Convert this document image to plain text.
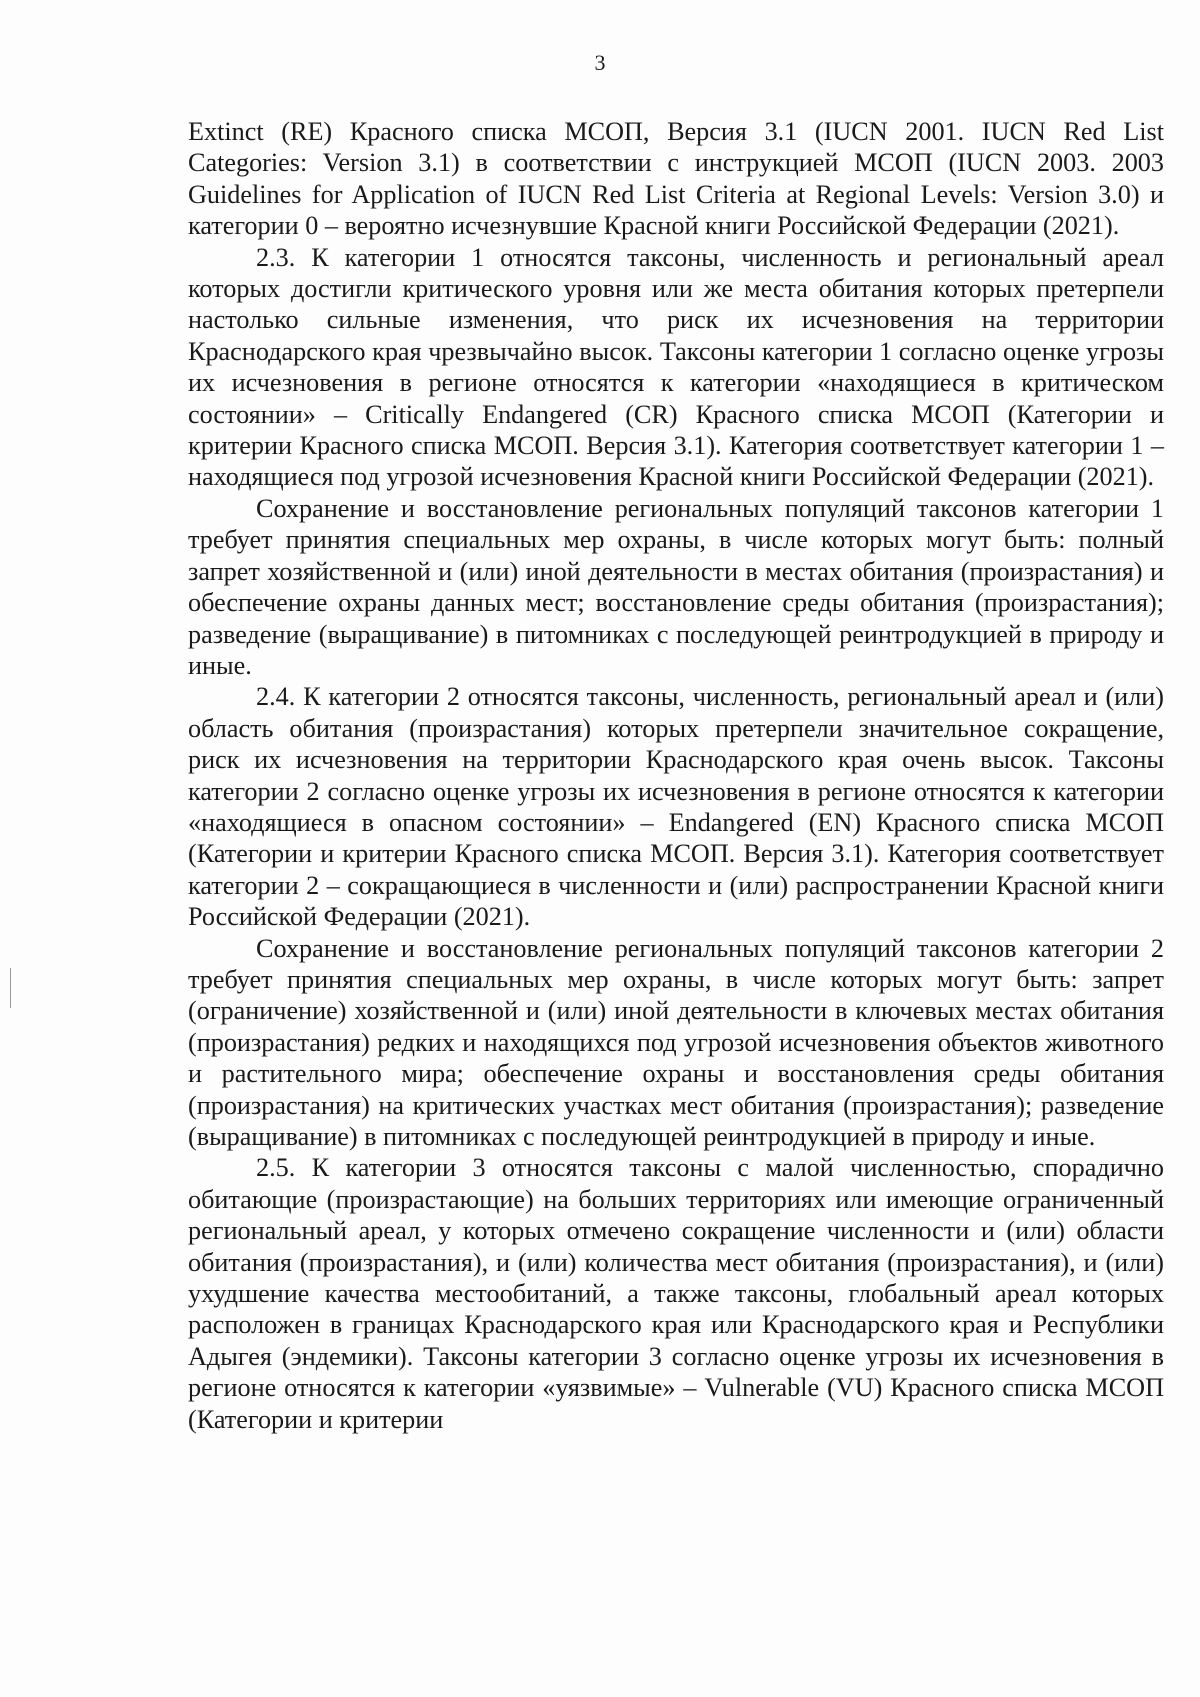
3

Extinct (RE) Красного списка МСОП, Версия 3.1 (IUCN 2001. IUCN Red List Categories: Version 3.1) в соответствии с инструкцией МСОП (IUCN 2003. 2003 Guidelines for Application of IUCN Red List Criteria at Regional Levels: Version 3.0) и категории 0 – вероятно исчезнувшие Красной книги Российской Федерации (2021).

2.3. К категории 1 относятся таксоны, численность и региональный ареал которых достигли критического уровня или же места обитания которых претерпели настолько сильные изменения, что риск их исчезновения на территории Краснодарского края чрезвычайно высок. Таксоны категории 1 согласно оценке угрозы их исчезновения в регионе относятся к категории «находящиеся в критическом состоянии» – Critically Endangered (CR) Красного списка МСОП (Категории и критерии Красного списка МСОП. Версия 3.1). Категория соответствует категории 1 – находящиеся под угрозой исчезновения Красной книги Российской Федерации (2021).

Сохранение и восстановление региональных популяций таксонов категории 1 требует принятия специальных мер охраны, в числе которых могут быть: полный запрет хозяйственной и (или) иной деятельности в местах обитания (произрастания) и обеспечение охраны данных мест; восстановление среды обитания (произрастания); разведение (выращивание) в питомниках с последующей реинтродукцией в природу и иные.

2.4. К категории 2 относятся таксоны, численность, региональный ареал и (или) область обитания (произрастания) которых претерпели значительное сокращение, риск их исчезновения на территории Краснодарского края очень высок. Таксоны категории 2 согласно оценке угрозы их исчезновения в регионе относятся к категории «находящиеся в опасном состоянии» – Endangered (EN) Красного списка МСОП (Категории и критерии Красного списка МСОП. Версия 3.1). Категория соответствует категории 2 – сокращающиеся в численности и (или) распространении Красной книги Российской Федерации (2021).

Сохранение и восстановление региональных популяций таксонов категории 2 требует принятия специальных мер охраны, в числе которых могут быть: запрет (ограничение) хозяйственной и (или) иной деятельности в ключевых местах обитания (произрастания) редких и находящихся под угрозой исчезновения объектов животного и растительного мира; обеспечение охраны и восстановления среды обитания (произрастания) на критических участках мест обитания (произрастания); разведение (выращивание) в питомниках с последующей реинтродукцией в природу и иные.

2.5. К категории 3 относятся таксоны с малой численностью, спорадично обитающие (произрастающие) на больших территориях или имеющие ограниченный региональный ареал, у которых отмечено сокращение численности и (или) области обитания (произрастания), и (или) количества мест обитания (произрастания), и (или) ухудшение качества местообитаний, а также таксоны, глобальный ареал которых расположен в границах Краснодарского края или Краснодарского края и Республики Адыгея (эндемики). Таксоны категории 3 согласно оценке угрозы их исчезновения в регионе относятся к категории «уязвимые» – Vulnerable (VU) Красного списка МСОП (Категории и критерии
